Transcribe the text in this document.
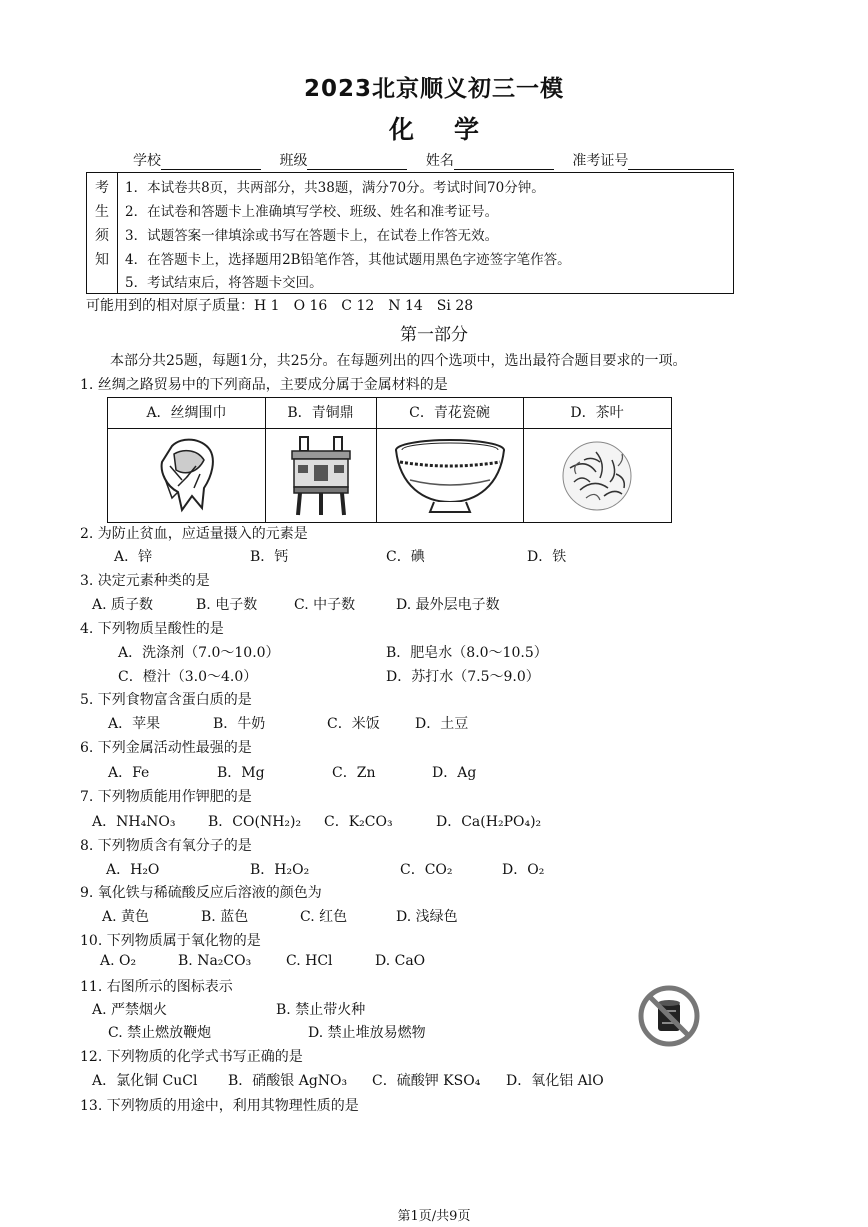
2023北京顺义初三一模
化学
学校	班级	姓名	准考证号
考
生
须
知
1．本试卷共8页，共两部分，共38题，满分70分。考试时间70分钟。
2．在试卷和答题卡上准确填写学校、班级、姓名和准考证号。
3．试题答案一律填涂或书写在答题卡上，在试卷上作答无效。
4．在答题卡上，选择题用2B铅笔作答，其他试题用黑色字迹签字笔作答。
5．考试结束后，将答题卡交回。
可能用到的相对原子质量：H 1　O 16　C 12　N 14　Si 28
第一部分
本部分共25题，每题1分，共25分。在每题列出的四个选项中，选出最符合题目要求的一项。
1. 丝绸之路贸易中的下列商品，主要成分属于金属材料的是
A．丝绸围巾	B．青铜鼎	C．青花瓷碗	D．茶叶
2. 为防止贫血，应适量摄入的元素是
A．锌	B．钙	C．碘	D．铁
3. 决定元素种类的是
A. 质子数	B. 电子数	C. 中子数	D. 最外层电子数
4. 下列物质呈酸性的是
A．洗涤剂（7.0～10.0）	B．肥皂水（8.0～10.5）
C．橙汁（3.0～4.0）	D．苏打水（7.5～9.0）
5. 下列食物富含蛋白质的是
A．苹果	B．牛奶	C．米饭	D．土豆
6. 下列金属活动性最强的是
A．Fe	B．Mg	C．Zn	D．Ag
7. 下列物质能用作钾肥的是
A．NH₄NO₃ B．CO(NH₂)₂ C．K₂CO₃	D．Ca(H₂PO₄)₂
8. 下列物质含有氧分子的是
A．H₂O	B．H₂O₂	C．CO₂	D．O₂
9. 氧化铁与稀硫酸反应后溶液的颜色为
A. 黄色	B. 蓝色	C. 红色	D. 浅绿色
10. 下列物质属于氧化物的是
A. O₂	B. Na₂CO₃ C. HCl	D. CaO
11. 右图所示的图标表示
A. 严禁烟火	B. 禁止带火种
C. 禁止燃放鞭炮	D. 禁止堆放易燃物
12. 下列物质的化学式书写正确的是
A．氯化铜 CuCl B．硝酸银 AgNO₃ C．硫酸钾 KSO₄ D．氧化铝 AlO
13. 下列物质的用途中，利用其物理性质的是
第1页/共9页
